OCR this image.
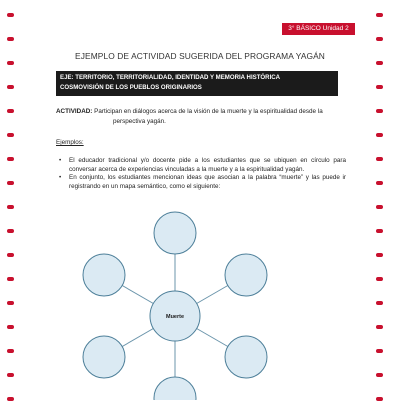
3° BÁSICO Unidad 2
EJEMPLO DE ACTIVIDAD SUGERIDA DEL PROGRAMA YAGÁN
EJE: TERRITORIO, TERRITORIALIDAD, IDENTIDAD Y MEMORIA HISTÓRICA
COSMOVISIÓN DE LOS PUEBLOS ORIGINARIOS
ACTIVIDAD: Participan en diálogos acerca de la visión de la muerte y la espiritualidad desde la
perspectiva yagán.
Ejemplos:
• El educador tradicional y/o docente pide a los estudiantes que se ubiquen en círculo para conversar acerca de experiencias vinculadas a la muerte y a la espiritualidad yagán.
• En conjunto, los estudiantes mencionan ideas que asocian a la palabra “muerte” y las puede ir registrando en un mapa semántico, como el siguiente:
Muerte
